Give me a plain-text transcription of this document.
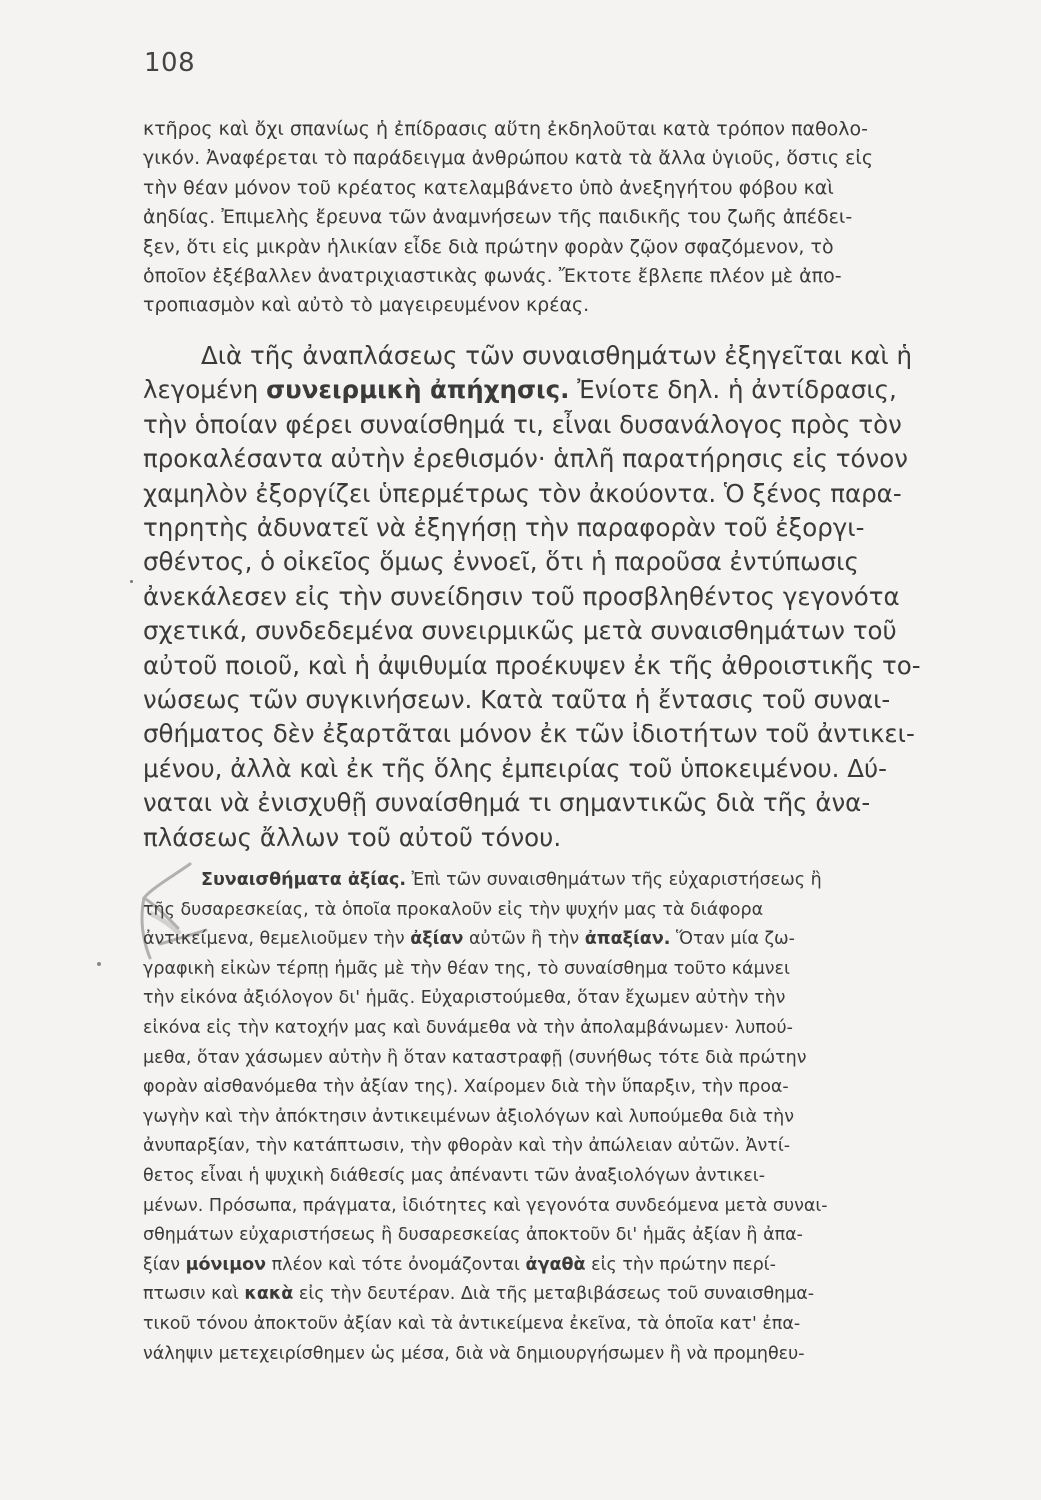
108
κτῆρος καὶ ὄχι σπανίως ἡ ἐπίδρασις αὕτη ἐκδηλοῦται κατὰ τρόπον παθολο-
γικόν. Ἀναφέρεται τὸ παράδειγμα ἀνθρώπου κατὰ τὰ ἄλλα ὑγιοῦς, ὅστις εἰς
τὴν θέαν μόνον τοῦ κρέατος κατελαμβάνετο ὑπὸ ἀνεξηγήτου φόβου καὶ
ἀηδίας. Ἐπιμελὴς ἔρευνα τῶν ἀναμνήσεων τῆς παιδικῆς του ζωῆς ἀπέδει-
ξεν, ὅτι εἰς μικρὰν ἡλικίαν εἶδε διὰ πρώτην φορὰν ζῷον σφαζόμενον, τὸ
ὁποῖον ἐξέβαλλεν ἀνατριχιαστικὰς φωνάς. Ἔκτοτε ἔβλεπε πλέον μὲ ἀπο-
τροπιασμὸν καὶ αὐτὸ τὸ μαγειρευμένον κρέας.
Διὰ τῆς ἀναπλάσεως τῶν συναισθημάτων ἐξηγεῖται καὶ ἡ
λεγομένη συνειρμικὴ ἀπήχησις. Ἐνίοτε δηλ. ἡ ἀντίδρασις,
τὴν ὁποίαν φέρει συναίσθημά τι, εἶναι δυσανάλογος πρὸς τὸν
προκαλέσαντα αὐτὴν ἐρεθισμόν· ἁπλῆ παρατήρησις εἰς τόνον
χαμηλὸν ἐξοργίζει ὑπερμέτρως τὸν ἀκούοντα. Ὁ ξένος παρα-
τηρητὴς ἀδυνατεῖ νὰ ἐξηγήσῃ τὴν παραφορὰν τοῦ ἐξοργι-
σθέντος, ὁ οἰκεῖος ὅμως ἐννοεῖ, ὅτι ἡ παροῦσα ἐντύπωσις
ἀνεκάλεσεν εἰς τὴν συνείδησιν τοῦ προσβληθέντος γεγονότα
σχετικά, συνδεδεμένα συνειρμικῶς μετὰ συναισθημάτων τοῦ
αὐτοῦ ποιοῦ, καὶ ἡ ἀψιθυμία προέκυψεν ἐκ τῆς ἀθροιστικῆς το-
νώσεως τῶν συγκινήσεων. Κατὰ ταῦτα ἡ ἔντασις τοῦ συναι-
σθήματος δὲν ἐξαρτᾶται μόνον ἐκ τῶν ἰδιοτήτων τοῦ ἀντικει-
μένου, ἀλλὰ καὶ ἐκ τῆς ὅλης ἐμπειρίας τοῦ ὑποκειμένου. Δύ-
ναται νὰ ἐνισχυθῇ συναίσθημά τι σημαντικῶς διὰ τῆς ἀνα-
πλάσεως ἄλλων τοῦ αὐτοῦ τόνου.
Συναισθήματα ἀξίας. Ἐπὶ τῶν συναισθημάτων τῆς εὐχαριστήσεως ἢ
τῆς δυσαρεσκείας, τὰ ὁποῖα προκαλοῦν εἰς τὴν ψυχήν μας τὰ διάφορα
ἀντικείμενα, θεμελιοῦμεν τὴν ἀξίαν αὐτῶν ἢ τὴν ἀπαξίαν. Ὅταν μία ζω-
γραφικὴ εἰκὼν τέρπῃ ἡμᾶς μὲ τὴν θέαν της, τὸ συναίσθημα τοῦτο κάμνει
τὴν εἰκόνα ἀξιόλογον δι' ἡμᾶς. Εὐχαριστούμεθα, ὅταν ἔχωμεν αὐτὴν τὴν
εἰκόνα εἰς τὴν κατοχήν μας καὶ δυνάμεθα νὰ τὴν ἀπολαμβάνωμεν· λυπού-
μεθα, ὅταν χάσωμεν αὐτὴν ἢ ὅταν καταστραφῇ (συνήθως τότε διὰ πρώτην
φορὰν αἰσθανόμεθα τὴν ἀξίαν της). Χαίρομεν διὰ τὴν ὕπαρξιν, τὴν προα-
γωγὴν καὶ τὴν ἀπόκτησιν ἀντικειμένων ἀξιολόγων καὶ λυπούμεθα διὰ τὴν
ἀνυπαρξίαν, τὴν κατάπτωσιν, τὴν φθορὰν καὶ τὴν ἀπώλειαν αὐτῶν. Ἀντί-
θετος εἶναι ἡ ψυχικὴ διάθεσίς μας ἀπέναντι τῶν ἀναξιολόγων ἀντικει-
μένων. Πρόσωπα, πράγματα, ἰδιότητες καὶ γεγονότα συνδεόμενα μετὰ συναι-
σθημάτων εὐχαριστήσεως ἢ δυσαρεσκείας ἀποκτοῦν δι' ἡμᾶς ἀξίαν ἢ ἀπα-
ξίαν μόνιμον πλέον καὶ τότε ὀνομάζονται ἀγαθὰ εἰς τὴν πρώτην περί-
πτωσιν καὶ κακὰ εἰς τὴν δευτέραν. Διὰ τῆς μεταβιβάσεως τοῦ συναισθημα-
τικοῦ τόνου ἀποκτοῦν ἀξίαν καὶ τὰ ἀντικείμενα ἐκεῖνα, τὰ ὁποῖα κατ' ἐπα-
νάληψιν μετεχειρίσθημεν ὡς μέσα, διὰ νὰ δημιουργήσωμεν ἢ νὰ προμηθευ-
